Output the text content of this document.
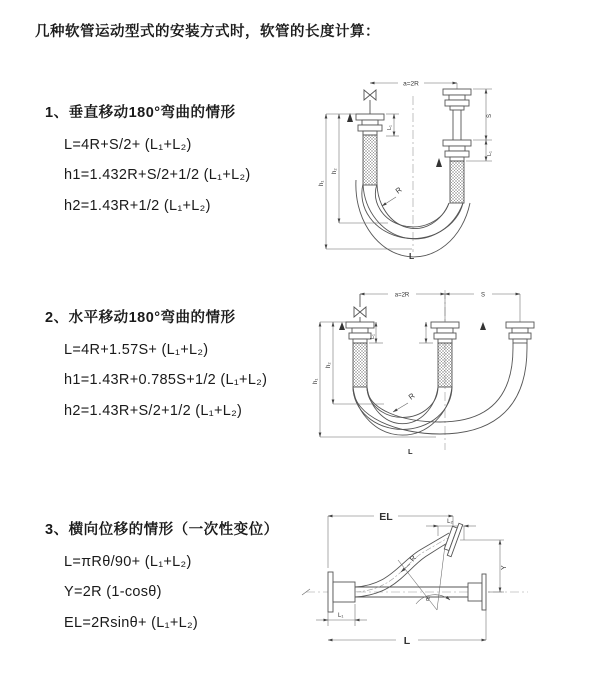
几种软管运动型式的安装方式时，软管的长度计算：
1、垂直移动180°弯曲的情形

L=4R+S/2+ (L₁+L₂)

h1=1.432R+S/2+1/2 (L₁+L₂)

h2=1.43R+1/2 (L₁+L₂)

a=2R
h₁
h₂
L₁
S
L₁
R
L
2、水平移动180°弯曲的情形

L=4R+1.57S+ (L₁+L₂)

h1=1.43R+0.785S+1/2 (L₁+L₂)

h2=1.43R+S/2+1/2 (L₁+L₂)

a=2R	S
h₁
h₂
L₁
R
L
3、横向位移的情形（一次性变位）

L=πRθ/90+ (L₁+L₂)

Y=2R (1-cosθ)

EL=2Rsinθ+ (L₁+L₂)

EL	L₂
θ
R
Y
L₁
L
